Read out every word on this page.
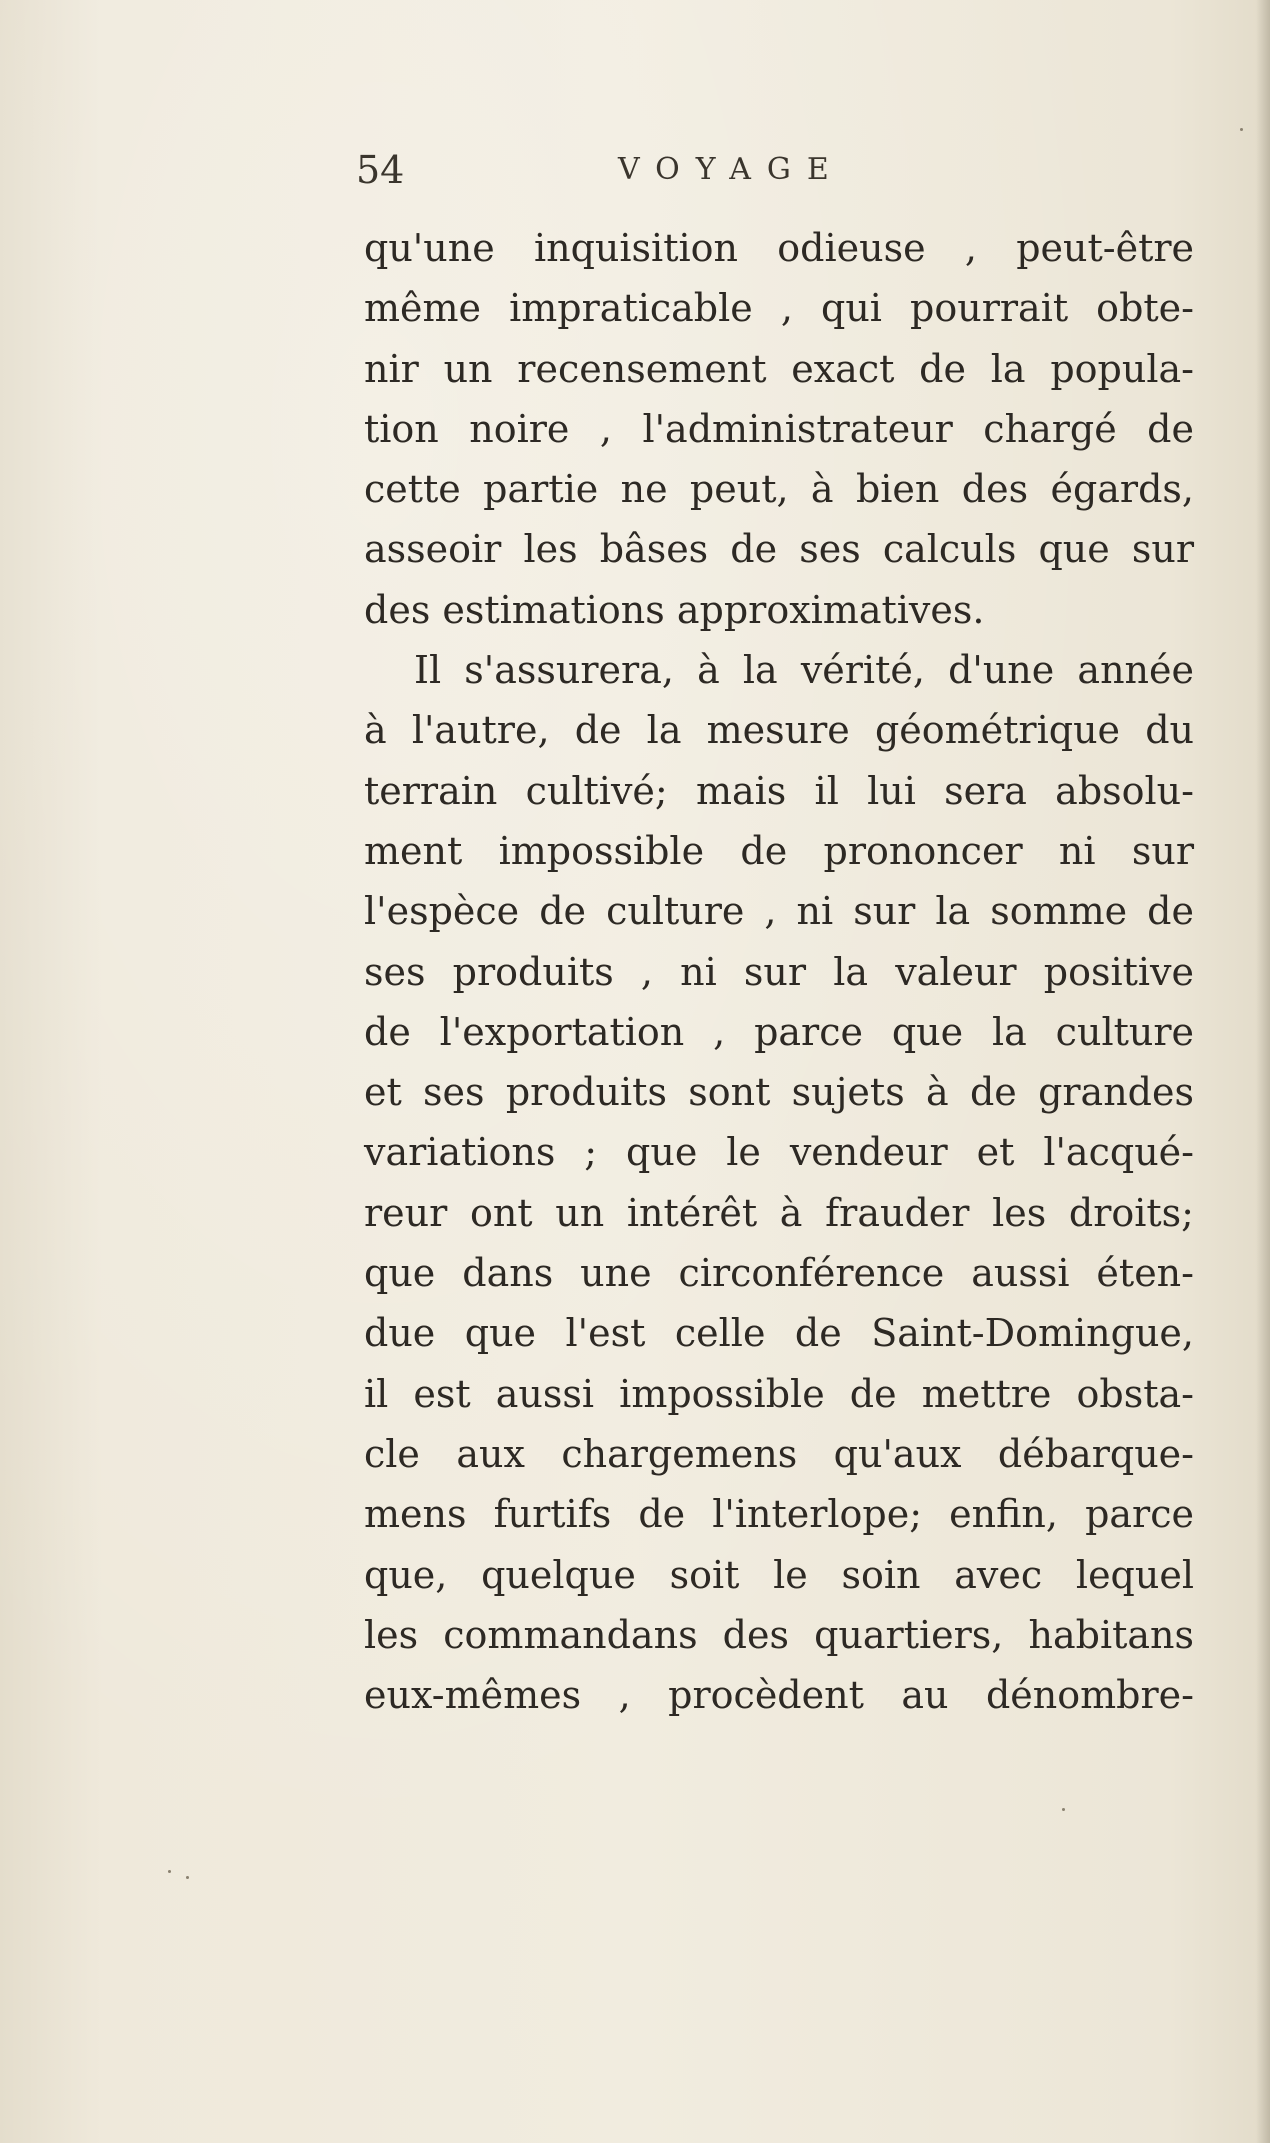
54	VOYAGE
qu'une inquisition odieuse , peut-être
même impraticable , qui pourrait obte-
nir un recensement exact de la popula-
tion noire , l'administrateur chargé de
cette partie ne peut, à bien des égards,
asseoir les bâses de ses calculs que sur
des estimations approximatives.
Il s'assurera, à la vérité, d'une année
à l'autre, de la mesure géométrique du
terrain cultivé; mais il lui sera absolu-
ment impossible de prononcer ni sur
l'espèce de culture , ni sur la somme de
ses produits , ni sur la valeur positive
de l'exportation , parce que la culture
et ses produits sont sujets à de grandes
variations ; que le vendeur et l'acqué-
reur ont un intérêt à frauder les droits;
que dans une circonférence aussi éten-
due que l'est celle de Saint-Domingue,
il est aussi impossible de mettre obsta-
cle aux chargemens qu'aux débarque-
mens furtifs de l'interlope; enfin, parce
que, quelque soit le soin avec lequel
les commandans des quartiers, habitans
eux-mêmes , procèdent au dénombre-
